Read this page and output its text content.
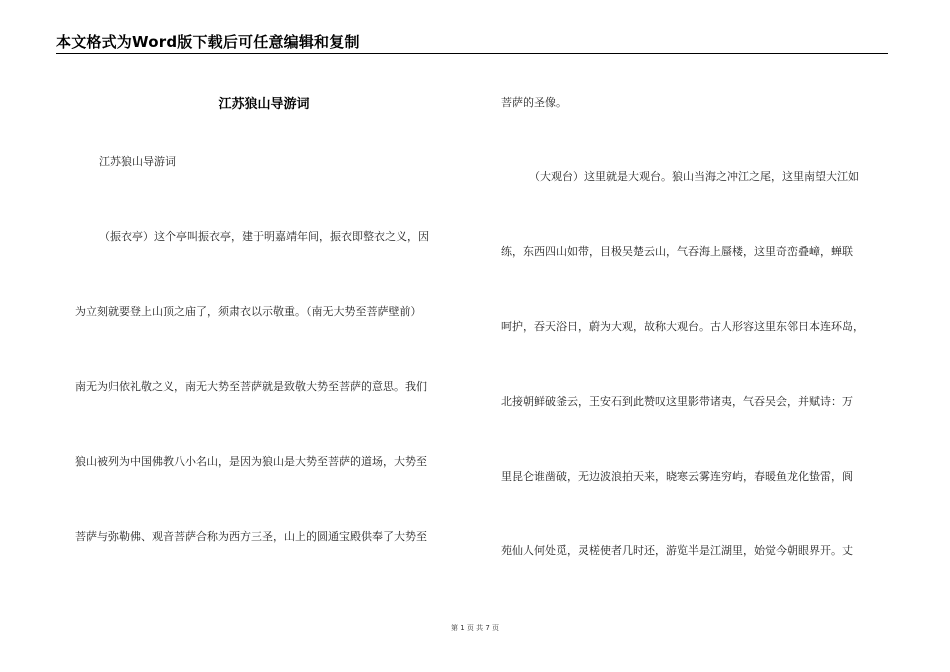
本文格式为Word版下载后可任意编辑和复制
江苏狼山导游词
江苏狼山导游词
（振衣亭）这个亭叫振衣亭，建于明嘉靖年间，振衣即整衣之义，因
为立刻就要登上山顶之庙了，须肃衣以示敬重。（南无大势至菩萨壁前）
南无为归依礼敬之义，南无大势至菩萨就是致敬大势至菩萨的意思。我们
狼山被列为中国佛教八小名山，是因为狼山是大势至菩萨的道场，大势至
菩萨与弥勒佛、观音菩萨合称为西方三圣，山上的圆通宝殿供奉了大势至
菩萨的圣像。
（大观台）这里就是大观台。狼山当海之冲江之尾，这里南望大江如
练，东西四山如带，目极吴楚云山，气吞海上蜃楼，这里奇峦叠嶂，蝉联
呵护，吞天浴日，蔚为大观，故称大观台。古人形容这里东邻日本连环岛，
北接朝鲜破釜云，王安石到此赞叹这里影带诸夷，气吞吴会，并赋诗：万
里昆仑谁凿破，无边波浪拍天来，晓寒云雾连穷屿，春暖鱼龙化蛰雷，阆
苑仙人何处觅，灵槎使者几时还，游览半是江湖里，始觉今朝眼界开。丈
第 1 页 共 7 页
